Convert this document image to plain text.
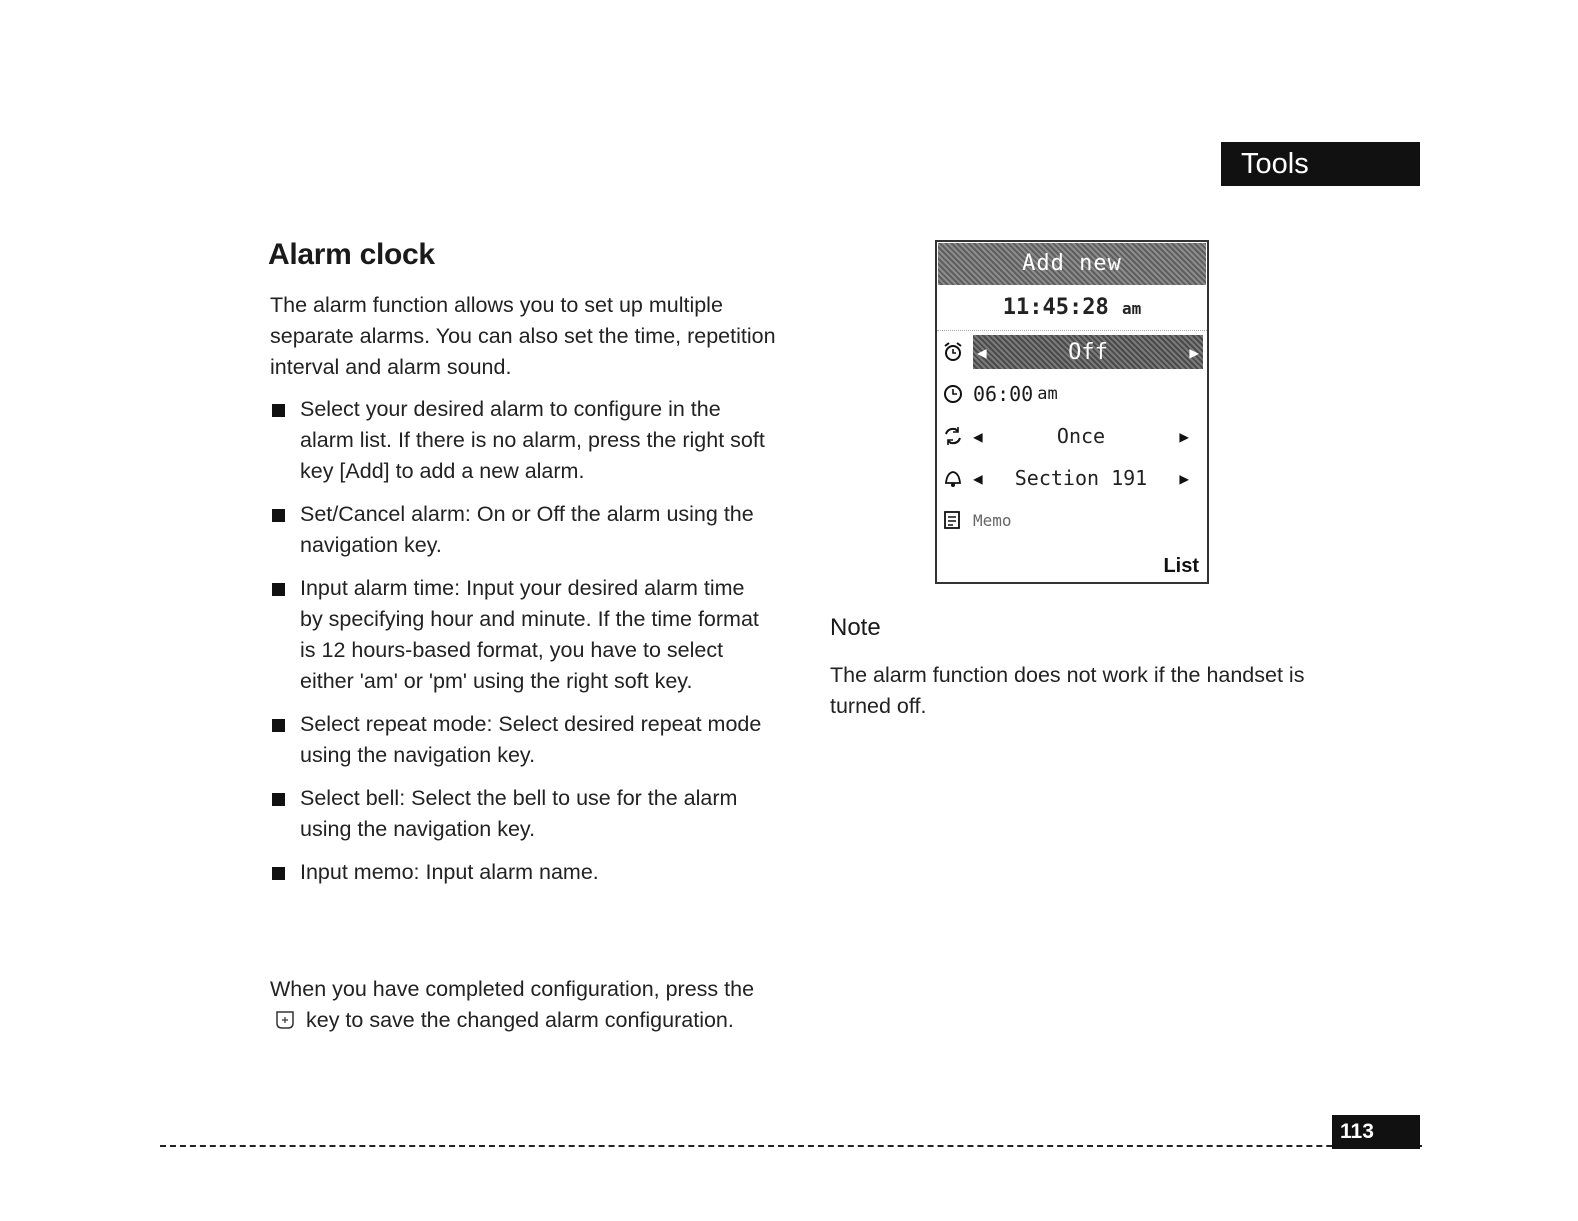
Tools
Alarm clock

The alarm function allows you to set up multiple separate alarms. You can also set the time, repetition interval and alarm sound.

Select your desired alarm to configure in the alarm list. If there is no alarm, press the right soft key [Add] to add a new alarm.
Set/Cancel alarm: On or Off the alarm using the navigation key.
Input alarm time: Input your desired alarm time by specifying hour and minute. If the time format is 12 hours-based format, you have to select either 'am' or 'pm' using the right soft key.
Select repeat mode: Select desired repeat mode using the navigation key.
Select bell: Select the bell to use for the alarm using the navigation key.
Input memo: Input alarm name.

When you have completed configuration, press the  key to save the changed alarm configuration.

Add new
11:45:28 am
◀	Off	▶
06:00 am
◀	Once	▶
◀	Section 191	▶
Memo
List
Note

The alarm function does not work if the handset is turned off.

113
